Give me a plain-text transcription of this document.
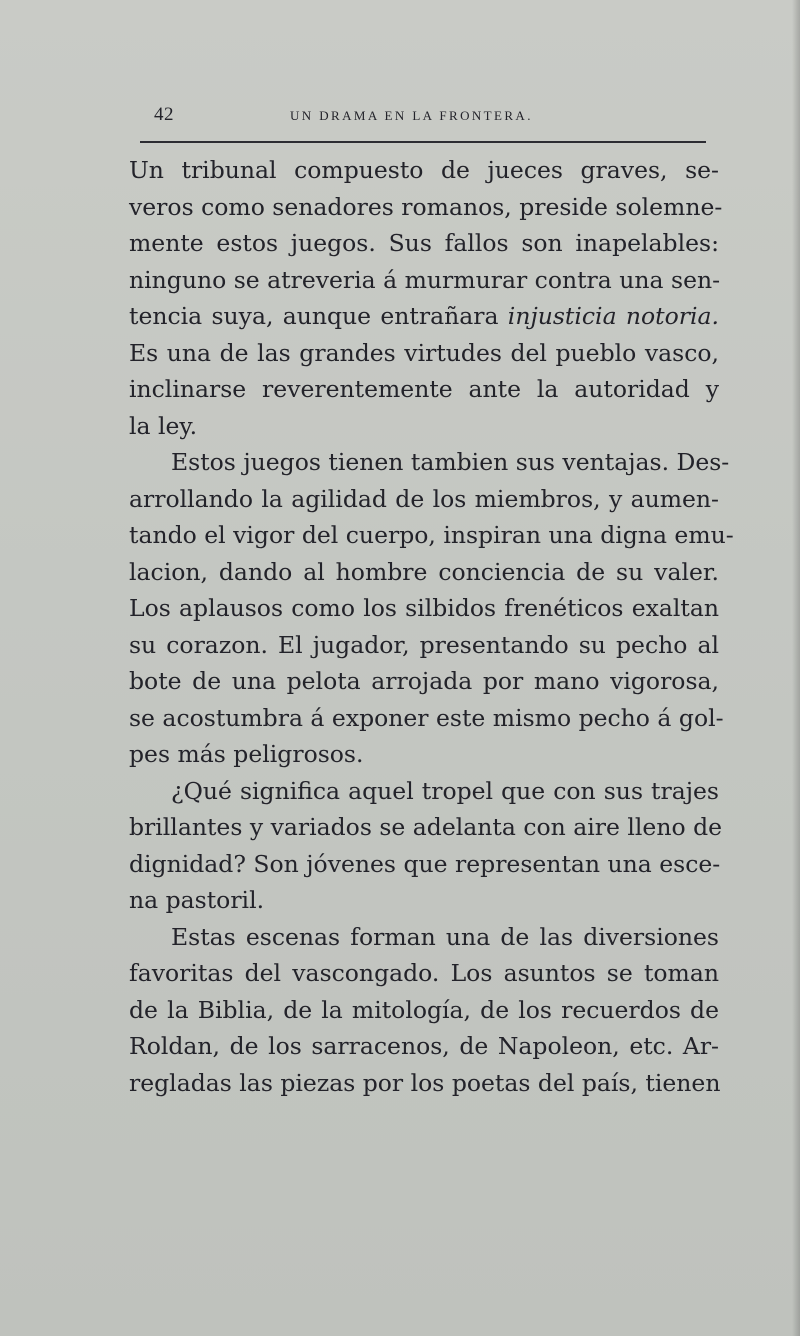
42	UN DRAMA EN LA FRONTERA.
Un tribunal compuesto de jueces graves, se-
veros como senadores romanos, preside solemne-
mente estos juegos. Sus fallos son inapelables:
ninguno se atreveria á murmurar contra una sen-
tencia suya, aunque entrañara injusticia notoria.
Es una de las grandes virtudes del pueblo vasco,
inclinarse reverentemente ante la autoridad y
la ley.
Estos juegos tienen tambien sus ventajas. Des-
arrollando la agilidad de los miembros, y aumen-
tando el vigor del cuerpo, inspiran una digna emu-
lacion, dando al hombre conciencia de su valer.
Los aplausos como los silbidos frenéticos exaltan
su corazon. El jugador, presentando su pecho al
bote de una pelota arrojada por mano vigorosa,
se acostumbra á exponer este mismo pecho á gol-
pes más peligrosos.
¿Qué significa aquel tropel que con sus trajes
brillantes y variados se adelanta con aire lleno de
dignidad? Son jóvenes que representan una esce-
na pastoril.
Estas escenas forman una de las diversiones
favoritas del vascongado. Los asuntos se toman
de la Biblia, de la mitología, de los recuerdos de
Roldan, de los sarracenos, de Napoleon, etc. Ar-
regladas las piezas por los poetas del país, tienen
